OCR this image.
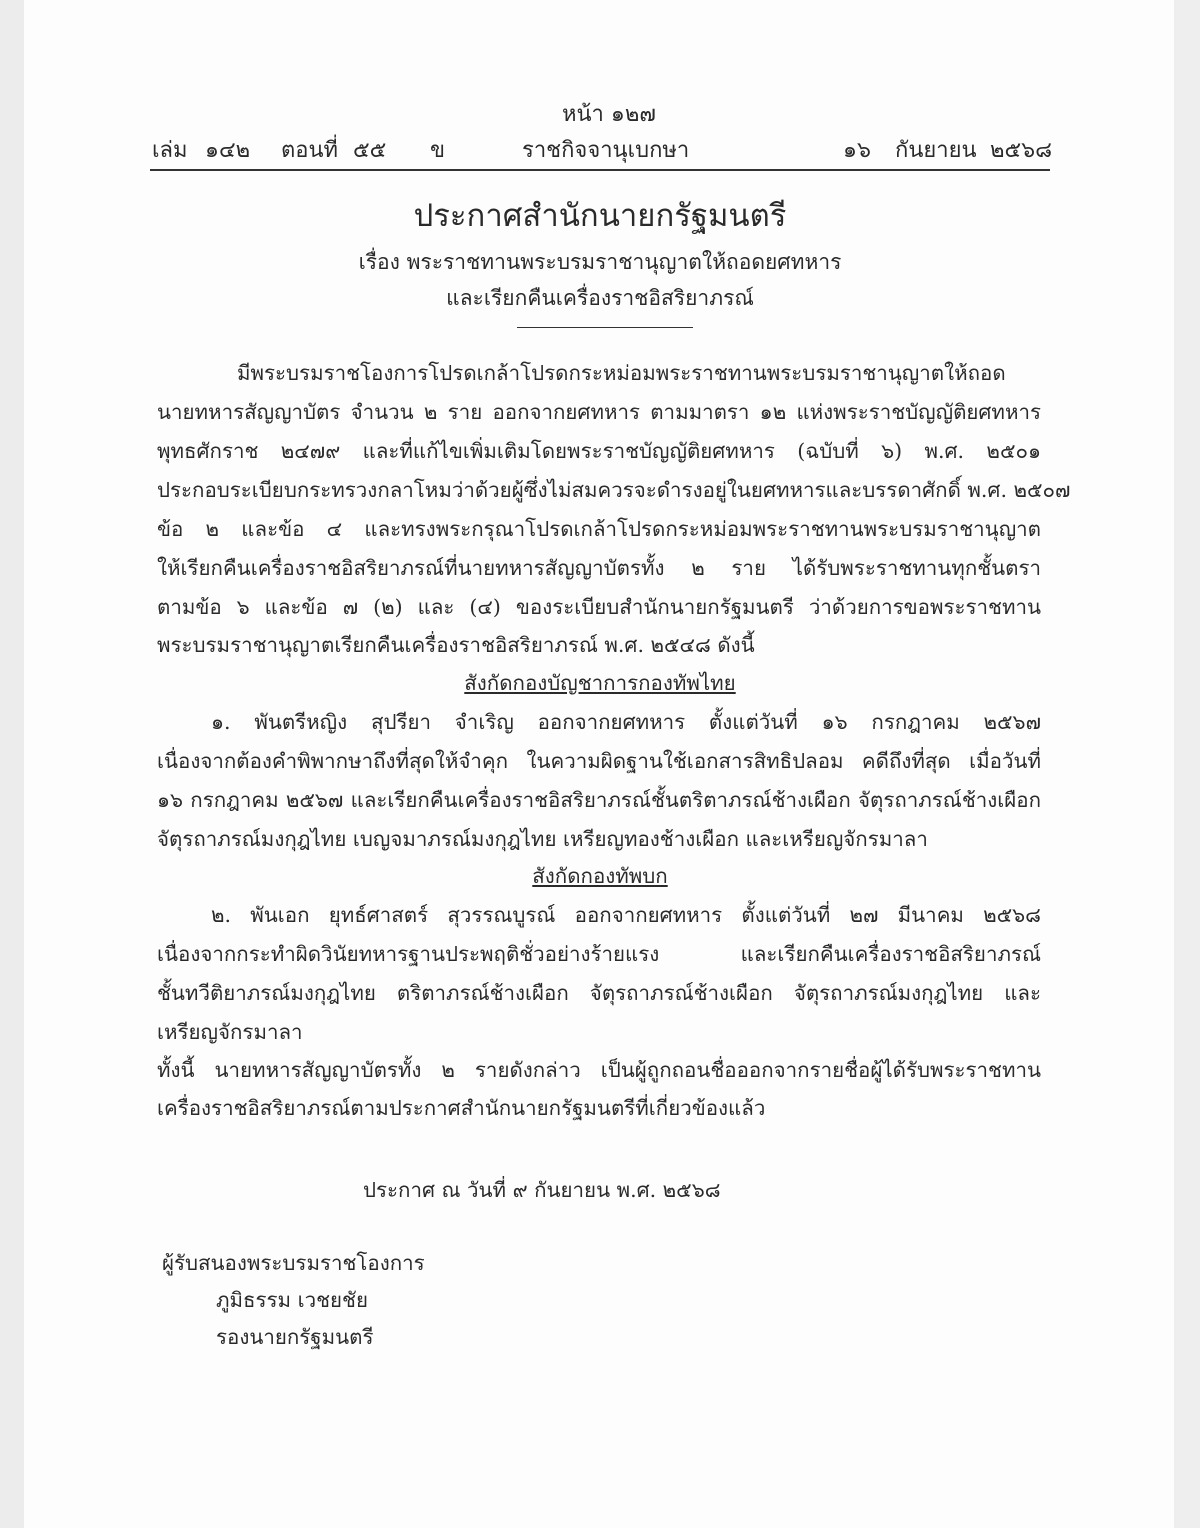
หน้า ๑๒๗
เล่ม ๑๔๒ ตอนที่ ๕๕ ข	ราชกิจจานุเบกษา	๑๖ กันยายน ๒๕๖๘
ประกาศสำนักนายกรัฐมนตรี
เรื่อง พระราชทานพระบรมราชานุญาตให้ถอดยศทหาร
และเรียกคืนเครื่องราชอิสริยาภรณ์
มีพระบรมราชโองการโปรดเกล้าโปรดกระหม่อมพระราชทานพระบรมราชานุญาตให้ถอด
นายทหารสัญญาบัตร จำนวน ๒ ราย ออกจากยศทหาร ตามมาตรา ๑๒ แห่งพระราชบัญญัติยศทหาร
พุทธศักราช ๒๔๗๙ และที่แก้ไขเพิ่มเติมโดยพระราชบัญญัติยศทหาร (ฉบับที่ ๖) พ.ศ. ๒๕๐๑
ประกอบระเบียบกระทรวงกลาโหมว่าด้วยผู้ซึ่งไม่สมควรจะดำรงอยู่ในยศทหารและบรรดาศักดิ์ พ.ศ. ๒๕๐๗
ข้อ ๒ และข้อ ๔ และทรงพระกรุณาโปรดเกล้าโปรดกระหม่อมพระราชทานพระบรมราชานุญาต
ให้เรียกคืนเครื่องราชอิสริยาภรณ์ที่นายทหารสัญญาบัตรทั้ง ๒ ราย ได้รับพระราชทานทุกชั้นตรา
ตามข้อ ๖ และข้อ ๗ (๒) และ (๔) ของระเบียบสำนักนายกรัฐมนตรี ว่าด้วยการขอพระราชทาน
พระบรมราชานุญาตเรียกคืนเครื่องราชอิสริยาภรณ์ พ.ศ. ๒๕๔๘ ดังนี้
สังกัดกองบัญชาการกองทัพไทย
๑. พันตรีหญิง สุปรียา จำเริญ ออกจากยศทหาร ตั้งแต่วันที่ ๑๖ กรกฎาคม ๒๕๖๗
เนื่องจากต้องคำพิพากษาถึงที่สุดให้จำคุก ในความผิดฐานใช้เอกสารสิทธิปลอม คดีถึงที่สุด เมื่อวันที่
๑๖ กรกฎาคม ๒๕๖๗ และเรียกคืนเครื่องราชอิสริยาภรณ์ชั้นตริตาภรณ์ช้างเผือก จัตุรถาภรณ์ช้างเผือก
จัตุรถาภรณ์มงกุฎไทย เบญจมาภรณ์มงกุฎไทย เหรียญทองช้างเผือก และเหรียญจักรมาลา
สังกัดกองทัพบก
๒. พันเอก ยุทธ์ศาสตร์ สุวรรณบูรณ์ ออกจากยศทหาร ตั้งแต่วันที่ ๒๗ มีนาคม ๒๕๖๘
เนื่องจากกระทำผิดวินัยทหารฐานประพฤติชั่วอย่างร้ายแรง และเรียกคืนเครื่องราชอิสริยาภรณ์
ชั้นทวีติยาภรณ์มงกุฎไทย ตริตาภรณ์ช้างเผือก จัตุรถาภรณ์ช้างเผือก จัตุรถาภรณ์มงกุฎไทย และ
เหรียญจักรมาลา
ทั้งนี้ นายทหารสัญญาบัตรทั้ง ๒ รายดังกล่าว เป็นผู้ถูกถอนชื่อออกจากรายชื่อผู้ได้รับพระราชทาน
เครื่องราชอิสริยาภรณ์ตามประกาศสำนักนายกรัฐมนตรีที่เกี่ยวข้องแล้ว
ประกาศ ณ วันที่ ๙ กันยายน พ.ศ. ๒๕๖๘
ผู้รับสนองพระบรมราชโองการ
ภูมิธรรม เวชยชัย
รองนายกรัฐมนตรี
